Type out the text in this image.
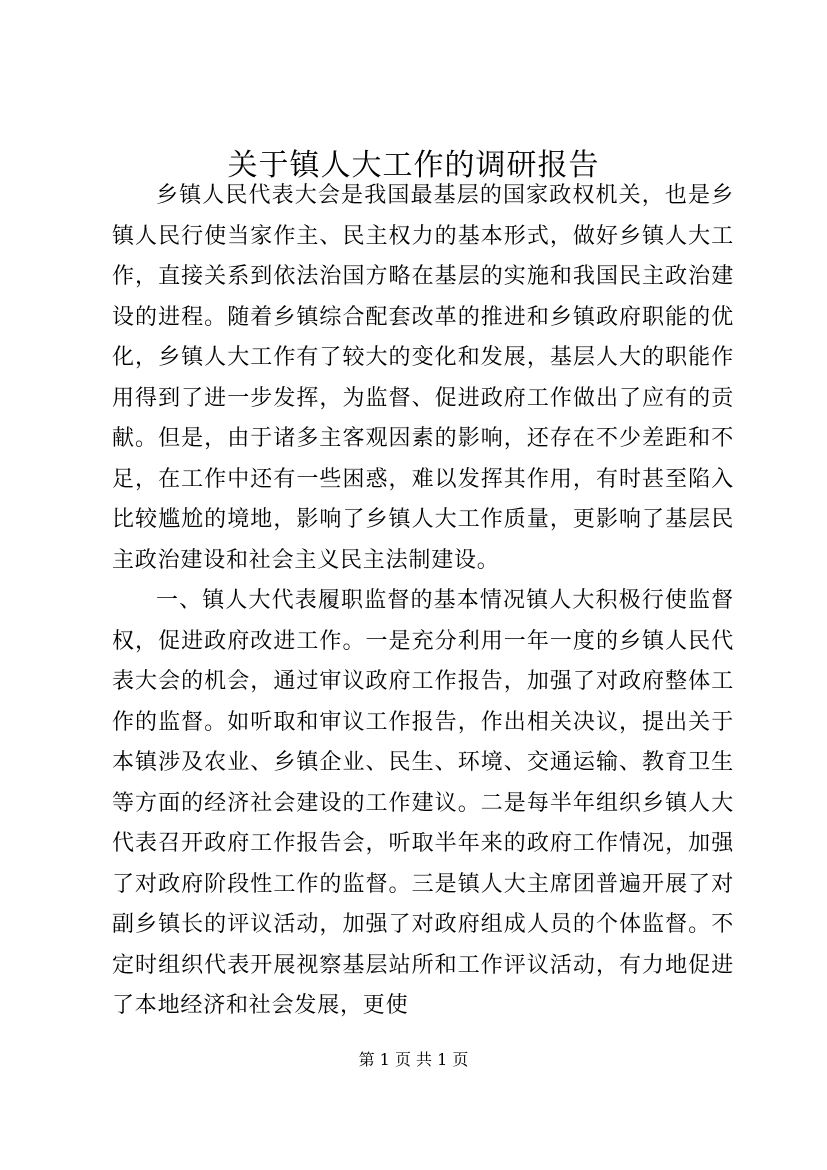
关于镇人大工作的调研报告

乡镇人民代表大会是我国最基层的国家政权机关，也是乡镇人民行使当家作主、民主权力的基本形式，做好乡镇人大工作，直接关系到依法治国方略在基层的实施和我国民主政治建设的进程。随着乡镇综合配套改革的推进和乡镇政府职能的优化，乡镇人大工作有了较大的变化和发展，基层人大的职能作用得到了进一步发挥，为监督、促进政府工作做出了应有的贡献。但是，由于诸多主客观因素的影响，还存在不少差距和不足，在工作中还有一些困惑，难以发挥其作用，有时甚至陷入比较尴尬的境地，影响了乡镇人大工作质量，更影响了基层民主政治建设和社会主义民主法制建设。

一、镇人大代表履职监督的基本情况镇人大积极行使监督权，促进政府改进工作。一是充分利用一年一度的乡镇人民代表大会的机会，通过审议政府工作报告，加强了对政府整体工作的监督。如听取和审议工作报告，作出相关决议，提出关于本镇涉及农业、乡镇企业、民生、环境、交通运输、教育卫生等方面的经济社会建设的工作建议。二是每半年组织乡镇人大代表召开政府工作报告会，听取半年来的政府工作情况，加强了对政府阶段性工作的监督。三是镇人大主席团普遍开展了对副乡镇长的评议活动，加强了对政府组成人员的个体监督。不定时组织代表开展视察基层站所和工作评议活动，有力地促进了本地经济和社会发展，更使

第 1 页 共 1 页
